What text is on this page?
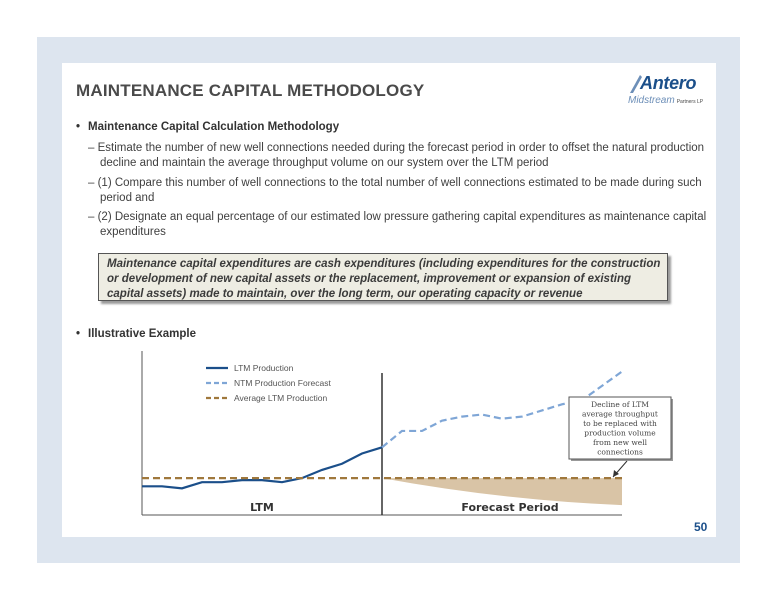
MAINTENANCE CAPITAL METHODOLOGY	Antero
Midstream Partners LP
• Maintenance Capital Calculation Methodology
– Estimate the number of new well connections needed during the forecast period in order to offset the natural production decline and maintain the average throughput volume on our system over the LTM period
– (1) Compare this number of well connections to the total number of well connections estimated to be made during such period and
– (2) Designate an equal percentage of our estimated low pressure gathering capital expenditures as maintenance capital expenditures
Maintenance capital expenditures are cash expenditures (including expenditures for the construction or development of new capital assets or the replacement, improvement or expansion of existing capital assets) made to maintain, over the long term, our operating capacity or revenue
• Illustrative Example
LTM Production
NTM Production Forecast
Average LTM Production
LTM	Forecast Period
Decline of LTM
average throughput
to be replaced with
production volume
from new well
connections
50
